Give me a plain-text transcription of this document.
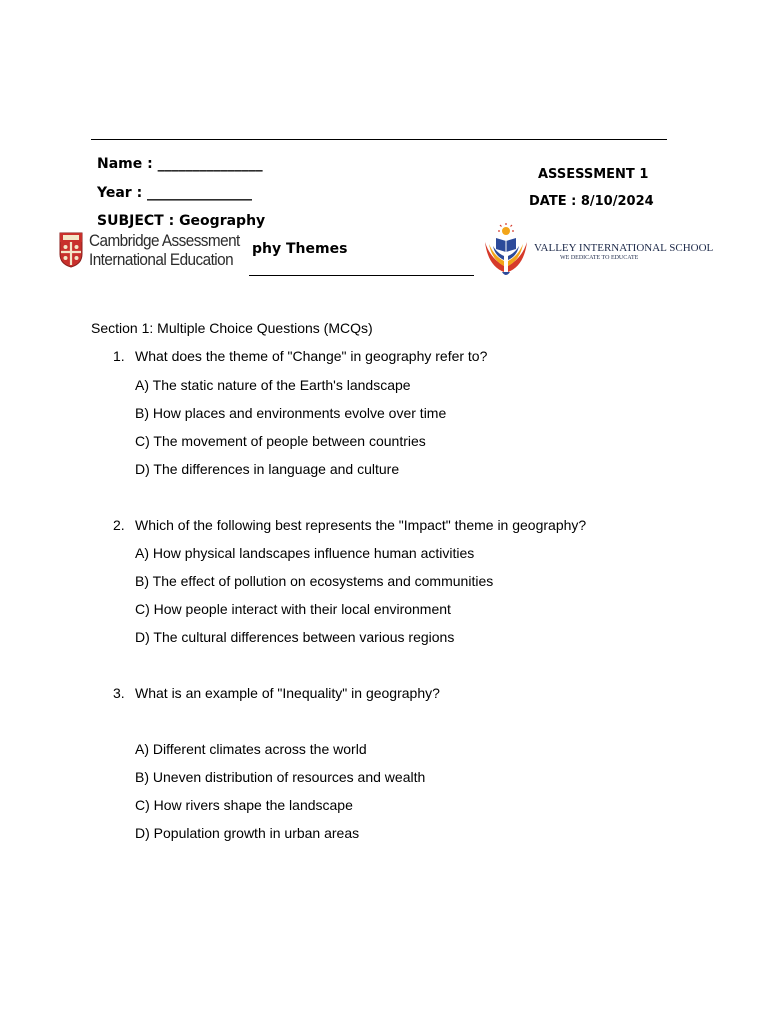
Name : _______________
Year : _______________
SUBJECT : Geography
phy Themes
ASSESSMENT 1
DATE : 8/10/2024
Cambridge Assessment
International Education
VALLEY INTERNATIONAL SCHOOL
WE DEDICATE TO EDUCATE
Section 1: Multiple Choice Questions (MCQs)
1. What does the theme of "Change" in geography refer to?
A) The static nature of the Earth's landscape
B) How places and environments evolve over time
C) The movement of people between countries
D) The differences in language and culture
2. Which of the following best represents the "Impact" theme in geography?
A) How physical landscapes influence human activities
B) The effect of pollution on ecosystems and communities
C) How people interact with their local environment
D) The cultural differences between various regions
3. What is an example of "Inequality" in geography?
A) Different climates across the world
B) Uneven distribution of resources and wealth
C) How rivers shape the landscape
D) Population growth in urban areas
